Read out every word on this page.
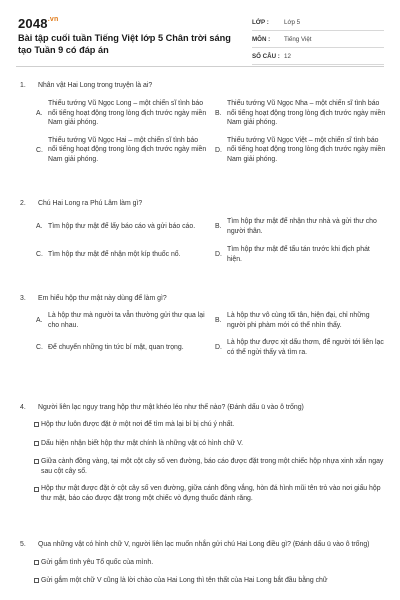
$2048^{.vn}$
Bài tập cuối tuần Tiếng Việt lớp 5 Chân trời sáng tạo Tuần 9 có đáp án
LỚP :	Lớp 5
MÔN :	Tiếng Việt
SỐ CÂU : 12
1.	Nhân vật Hai Long trong truyện là ai?
A.
Thiếu tướng Vũ Ngọc Long – một chiến sĩ tình báo nổi tiếng hoạt động trong lòng địch trước ngày miền Nam giải phóng.
B.
Thiếu tướng Vũ Ngọc Nha – một chiến sĩ tình báo nổi tiếng hoạt động trong lòng địch trước ngày miền Nam giải phóng.
C.
Thiếu tướng Vũ Ngọc Hai – một chiến sĩ tình báo nổi tiếng hoạt động trong lòng địch trước ngày miền Nam giải phóng.
D.
Thiếu tướng Vũ Ngọc Việt – một chiến sĩ tình báo nổi tiếng hoạt động trong lòng địch trước ngày miền Nam giải phóng.
2.	Chú Hai Long ra Phú Lâm làm gì?
A. Tìm hộp thư mật để lấy báo cáo và gửi báo cáo.	B.
Tìm hộp thư mật để nhận thư nhà và gửi thư cho người thân.
C. Tìm hộp thư mật để nhận một kíp thuốc nổ.	D.
Tìm hộp thư mật để tẩu tán trước khi địch phát hiện.
3.	Em hiểu hộp thư mật này dùng để làm gì?
A.
Là hộp thư mà người ta vẫn thường gửi thư qua lại cho nhau.
B.
Là hộp thư vô cùng tối tân, hiện đại, chỉ những người phi phàm mới có thể nhìn thấy.
C. Để chuyển những tin tức bí mật, quan trọng.	D.
Là hộp thư được xịt dấu thơm, để người tới liên lạc có thể ngửi thấy và tìm ra.
4.	Người liên lạc ngụy trang hộp thư mật khéo léo như thế nào? (Đánh dấu ü vào ô trống)
Hộp thư luôn được đặt ở một nơi để tìm mà lại bí bị chú ý nhất.
Dấu hiện nhận biết hộp thư mật chính là những vật có hình chữ V.
Giữa cành đồng vàng, tại một cột cây số ven đường, báo cáo được đặt trong một chiếc hộp nhựa xinh xắn ngay sau cột cây số.
Hộp thư mật được đặt ở cột cây số ven đường, giữa cánh đồng vắng, hòn đá hình mũi tên trỏ vào nơi giấu hộp thư mật, báo cáo được đặt trong một chiếc vỏ đựng thuốc đánh răng.
5.	Qua những vật có hình chữ V, người liên lạc muốn nhắn gửi chú Hai Long điều gì? (Đánh dấu ü vào ô trống)
Gửi gắm tình yêu Tổ quốc của mình.
Gửi gắm một chữ V cũng là lời chào của Hai Long thì tên thất của Hai Long bắt đầu bằng chữ
